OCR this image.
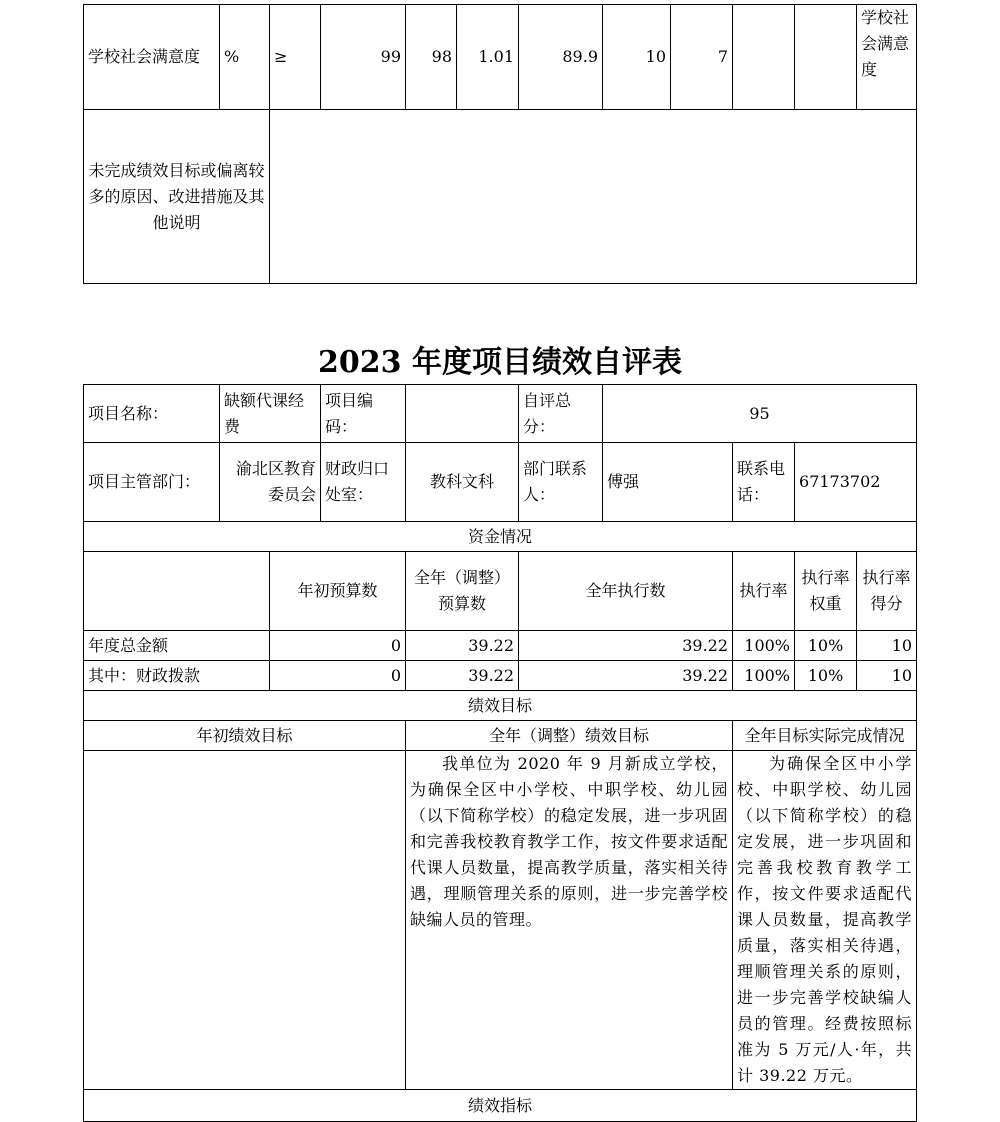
学校社会满意度	%	≥	99	98	1.01	89.9	10	7			学校社会满意度
未完成绩效目标或偏离较多的原因、改进措施及其他说明											
2023 年度项目绩效自评表
项目名称：	缺额代课经费		项目编码：		自评总分：	95			
项目主管部门：	渝北区教育委员会		财政归口处室：	教科文科	部门联系人：	傅强	联系电话：	67173702	
资金情况									
		年初预算数		全年（调整）预算数	全年执行数		执行率	执行率权重	执行率得分
年度总金额		0		39.22	39.22		100%	10%	10
其中：财政拨款		0		39.22	39.22		100%	10%	10
绩效目标									
年初绩效目标				全年（调整）绩效目标			全年目标实际完成情况		
				我单位为 2020 年 9 月新成立学校，为确保全区中小学校、中职学校、幼儿园（以下简称学校）的稳定发展，进一步巩固和完善我校教育教学工作，按文件要求适配代课人员数量，提高教学质量，落实相关待遇，理顺管理关系的原则，进一步完善学校缺编人员的管理。			为确保全区中小学校、中职学校、幼儿园（以下简称学校）的稳定发展，进一步巩固和完善我校教育教学工作，按文件要求适配代课人员数量，提高教学质量，落实相关待遇，理顺管理关系的原则，进一步完善学校缺编人员的管理。经费按照标准为 5 万元/人·年，共计 39.22 万元。		
绩效指标									
